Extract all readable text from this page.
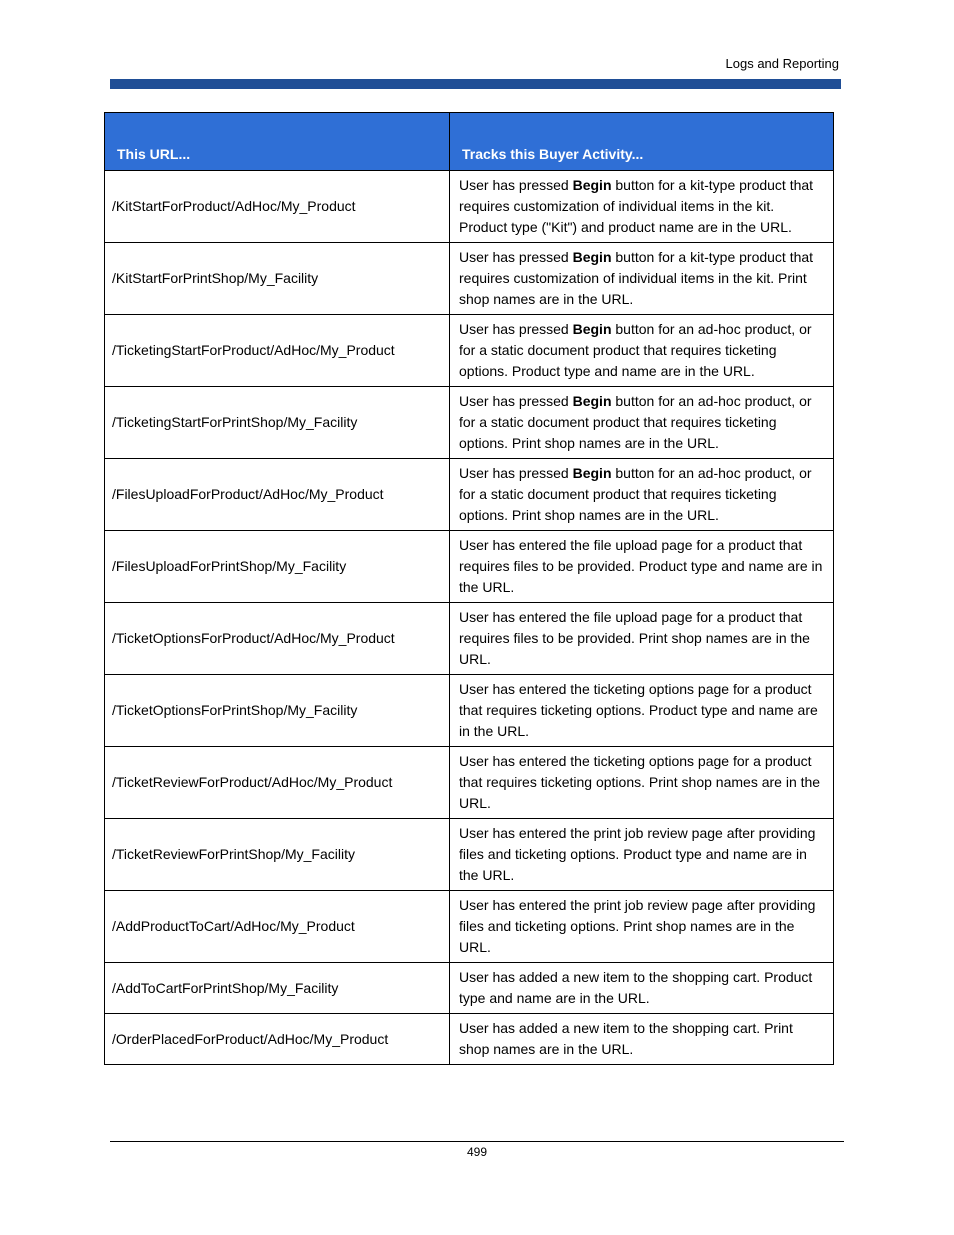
Logs and Reporting
This URL...	Tracks this Buyer Activity...
/KitStartForProduct/AdHoc/My_Product	User has pressed Begin button for a kit-type product that requires customization of individual items in the kit. Product type ("Kit") and product name are in the URL.
/KitStartForPrintShop/My_Facility	User has pressed Begin button for a kit-type product that requires customization of individual items in the kit. Print shop names are in the URL.
/TicketingStartForProduct/AdHoc/My_Product	User has pressed Begin button for an ad-hoc product, or for a static document product that requires ticketing options. Product type and name are in the URL.
/TicketingStartForPrintShop/My_Facility	User has pressed Begin button for an ad-hoc product, or for a static document product that requires ticketing options. Print shop names are in the URL.
/FilesUploadForProduct/AdHoc/My_Product	User has pressed Begin button for an ad-hoc product, or for a static document product that requires ticketing options. Print shop names are in the URL.
/FilesUploadForPrintShop/My_Facility	User has entered the file upload page for a product that requires files to be provided. Product type and name are in the URL.
/TicketOptionsForProduct/AdHoc/My_Product	User has entered the file upload page for a product that requires files to be provided. Print shop names are in the URL.
/TicketOptionsForPrintShop/My_Facility	User has entered the ticketing options page for a product that requires ticketing options. Product type and name are in the URL.
/TicketReviewForProduct/AdHoc/My_Product	User has entered the ticketing options page for a product that requires ticketing options. Print shop names are in the URL.
/TicketReviewForPrintShop/My_Facility	User has entered the print job review page after providing files and ticketing options. Product type and name are in the URL.
/AddProductToCart/AdHoc/My_Product	User has entered the print job review page after providing files and ticketing options. Print shop names are in the URL.
/AddToCartForPrintShop/My_Facility	User has added a new item to the shopping cart. Product type and name are in the URL.
/OrderPlacedForProduct/AdHoc/My_Product	User has added a new item to the shopping cart. Print shop names are in the URL.
499
